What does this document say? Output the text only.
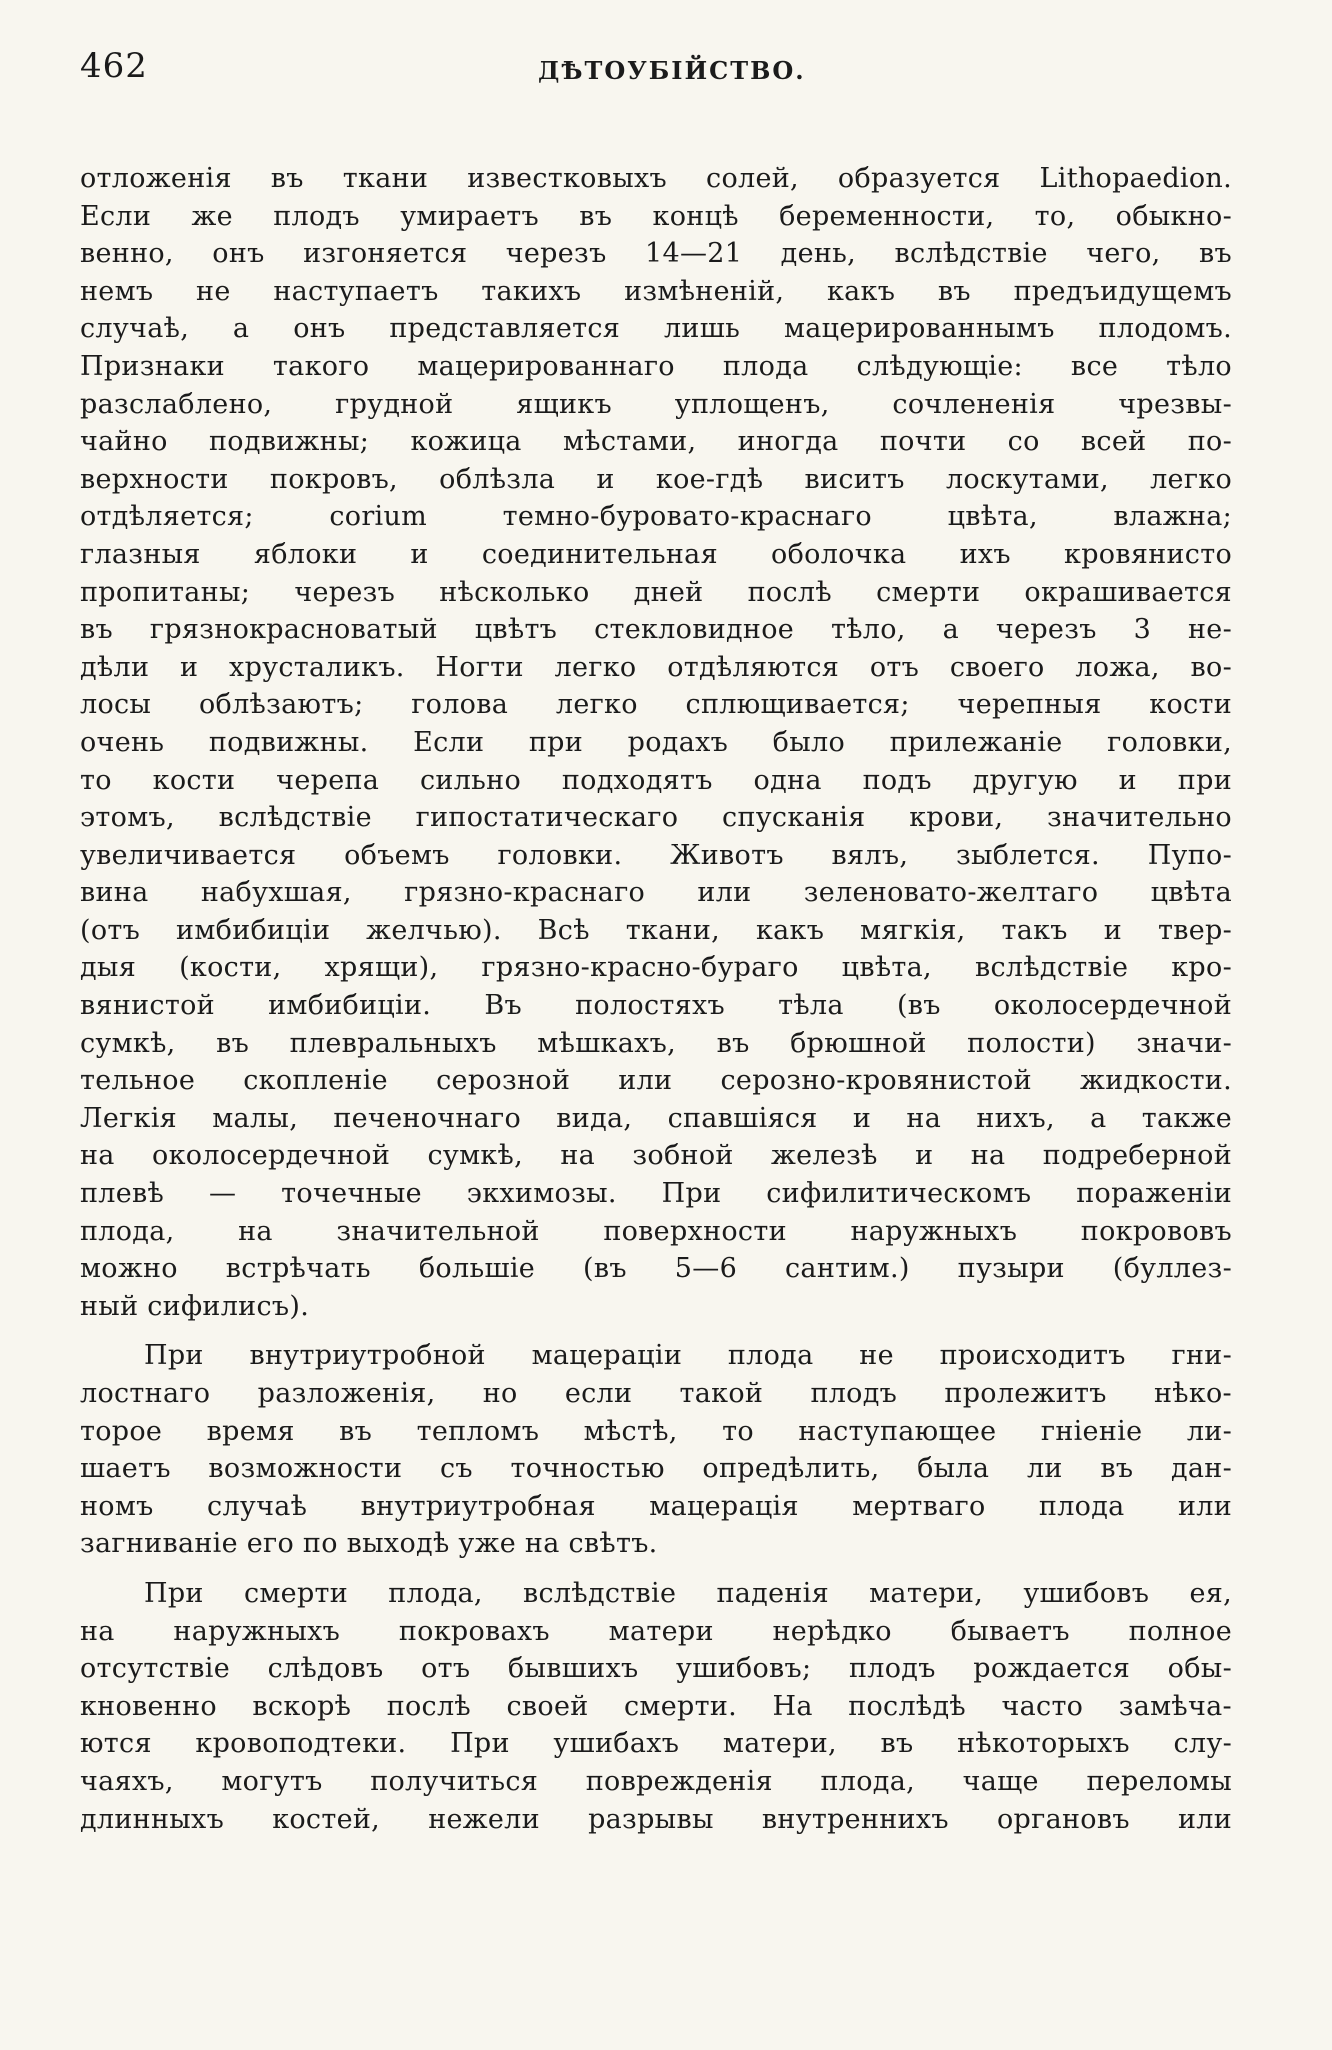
462	ДѢТОУБІЙСТВО.

отложенія въ ткани известковыхъ солей, образуется Lithopaedion.
Если же плодъ умираетъ въ концѣ беременности, то, обыкно-
венно, онъ изгоняется черезъ 14—21 день, вслѣдствіе чего, въ
немъ не наступаетъ такихъ измѣненій, какъ въ предъидущемъ
случаѣ, а онъ представляется лишь мацерированнымъ плодомъ.
Признаки такого мацерированнаго плода слѣдующіе: все тѣло
разслаблено, грудной ящикъ уплощенъ, сочлененія чрезвы-
чайно подвижны; кожица мѣстами, иногда почти со всей по-
верхности покровъ, облѣзла и кое-гдѣ виситъ лоскутами, легко
отдѣляется; corium темно-буровато-краснаго цвѣта, влажна;
глазныя яблоки и соединительная оболочка ихъ кровянисто
пропитаны; черезъ нѣсколько дней послѣ смерти окрашивается
въ грязнокрасноватый цвѣтъ стекловидное тѣло, а черезъ 3 не-
дѣли и хрусталикъ. Ногти легко отдѣляются отъ своего ложа, во-
лосы облѣзаютъ; голова легко сплющивается; черепныя кости
очень подвижны. Если при родахъ было прилежаніе головки,
то кости черепа сильно подходятъ одна подъ другую и при
этомъ, вслѣдствіе гипостатическаго спусканія крови, значительно
увеличивается объемъ головки. Животъ вялъ, зыблется. Пупо-
вина набухшая, грязно-краснаго или зеленовато-желтаго цвѣта
(отъ имбибиціи желчью). Всѣ ткани, какъ мягкія, такъ и твер-
дыя (кости, хрящи), грязно-красно-бураго цвѣта, вслѣдствіе кро-
вянистой имбибиціи. Въ полостяхъ тѣла (въ околосердечной
сумкѣ, въ плевральныхъ мѣшкахъ, въ брюшной полости) значи-
тельное скопленіе серозной или серозно-кровянистой жидкости.
Легкія малы, печеночнаго вида, спавшіяся и на нихъ, а также
на околосердечной сумкѣ, на зобной железѣ и на подреберной
плевѣ — точечные экхимозы. При сифилитическомъ пораженіи
плода, на значительной поверхности наружныхъ покрововъ
можно встрѣчать большіе (въ 5—6 сантим.) пузыри (буллез-
ный сифилисъ).

При внутриутробной мацераціи плода не происходитъ гни-
лостнаго разложенія, но если такой плодъ пролежитъ нѣко-
торое время въ тепломъ мѣстѣ, то наступающее гніеніе ли-
шаетъ возможности съ точностью опредѣлить, была ли въ дан-
номъ случаѣ внутриутробная мацерація мертваго плода или
загниваніе его по выходѣ уже на свѣтъ.

При смерти плода, вслѣдствіе паденія матери, ушибовъ ея,
на наружныхъ покровахъ матери нерѣдко бываетъ полное
отсутствіе слѣдовъ отъ бывшихъ ушибовъ; плодъ рождается обы-
кновенно вскорѣ послѣ своей смерти. На послѣдѣ часто замѣча-
ются кровоподтеки. При ушибахъ матери, въ нѣкоторыхъ слу-
чаяхъ, могутъ получиться поврежденія плода, чаще переломы
длинныхъ костей, нежели разрывы внутреннихъ органовъ или
